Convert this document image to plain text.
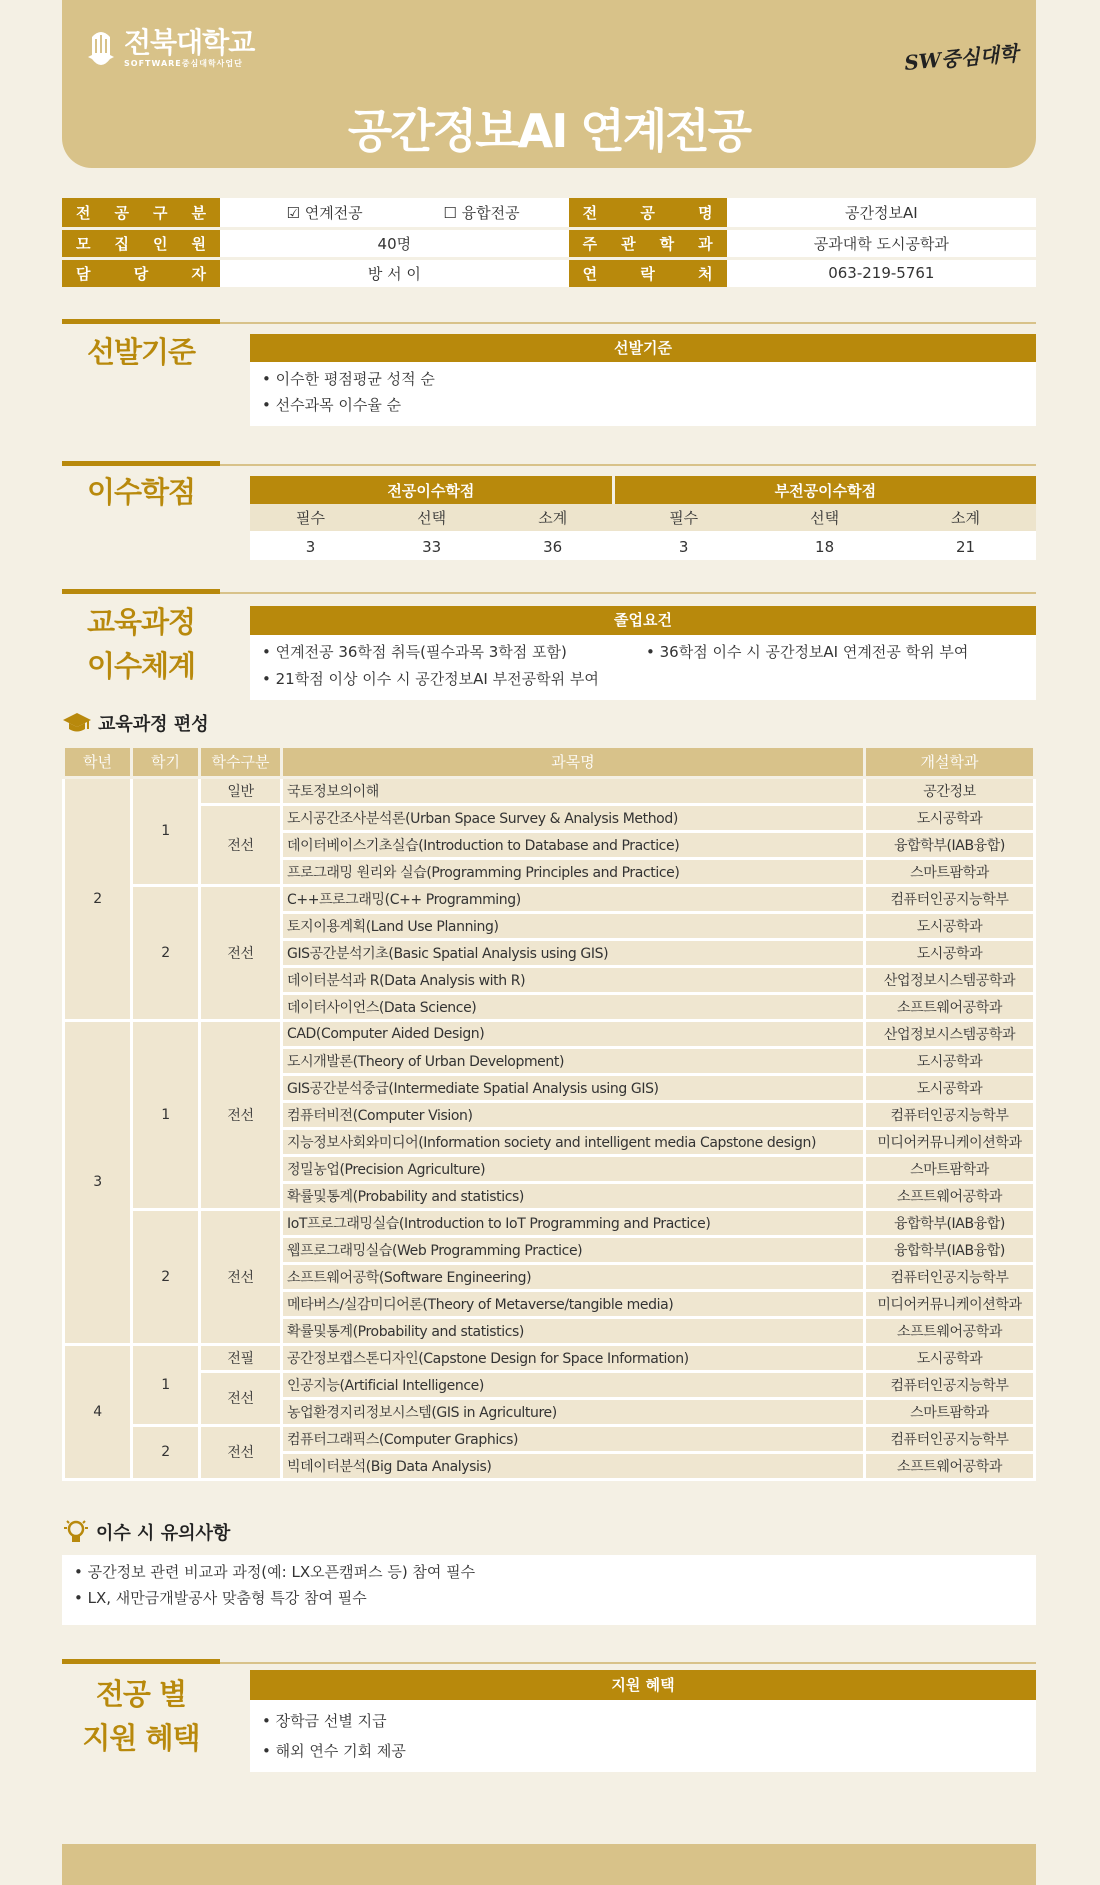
전북대학교
SOFTWARE중심대학사업단	SW중심대학
공간정보AI 연계전공
전 공 구 분	☑ 연계전공 ☐ 융합전공	전 공 명	공간정보AI
모 집 인 원	40명	주 관 학 과	공과대학 도시공학과
담 당 자	방 서 이	연 락 처	063-219-5761
선발기준	선발기준
• 이수한 평점평균 성적 순
• 선수과목 이수율 순
이수학점	전공이수학점			부전공이수학점		
필수	선택	소계	필수	선택	소계
3	33	36	3	18	21
교육과정
이수체계
졸업요건
• 연계전공 36학점 취득(필수과목 3학점 포함)	• 36학점 이수 시 공간정보AI 연계전공 학위 부여
• 21학점 이상 이수 시 공간정보AI 부전공학위 부여
교육과정 편성
학년	학기	학수구분	과목명	개설학과
2	1	일반	국토정보의이해	공간정보
		전선	도시공간조사분석론(Urban Space Survey & Analysis Method)	도시공학과
			데이터베이스기초실습(Introduction to Database and Practice)	융합학부(IAB융합)
			프로그래밍 원리와 실습(Programming Principles and Practice)	스마트팜학과
	2	전선	C++프로그래밍(C++ Programming)	컴퓨터인공지능학부
			토지이용계획(Land Use Planning)	도시공학과
			GIS공간분석기초(Basic Spatial Analysis using GIS)	도시공학과
			데이터분석과 R(Data Analysis with R)	산업정보시스템공학과
			데이터사이언스(Data Science)	소프트웨어공학과
3	1	전선	CAD(Computer Aided Design)	산업정보시스템공학과
			도시개발론(Theory of Urban Development)	도시공학과
			GIS공간분석중급(Intermediate Spatial Analysis using GIS)	도시공학과
			컴퓨터비전(Computer Vision)	컴퓨터인공지능학부
			지능정보사회와미디어(Information society and intelligent media Capstone design)	미디어커뮤니케이션학과
			정밀농업(Precision Agriculture)	스마트팜학과
			확률및통계(Probability and statistics)	소프트웨어공학과
	2	전선	IoT프로그래밍실습(Introduction to IoT Programming and Practice)	융합학부(IAB융합)
			웹프로그래밍실습(Web Programming Practice)	융합학부(IAB융합)
			소프트웨어공학(Software Engineering)	컴퓨터인공지능학부
			메타버스/실감미디어론(Theory of Metaverse/tangible media)	미디어커뮤니케이션학과
			확률및통계(Probability and statistics)	소프트웨어공학과
4	1	전필	공간정보캡스톤디자인(Capstone Design for Space Information)	도시공학과
		전선	인공지능(Artificial Intelligence)	컴퓨터인공지능학부
			농업환경지리정보시스템(GIS in Agriculture)	스마트팜학과
	2	전선	컴퓨터그래픽스(Computer Graphics)	컴퓨터인공지능학부
			빅데이터분석(Big Data Analysis)	소프트웨어공학과
이수 시 유의사항
• 공간정보 관련 비교과 과정(예: LX오픈캠퍼스 등) 참여 필수
• LX, 새만금개발공사 맞춤형 특강 참여 필수
전공 별
지원 혜택
지원 혜택
• 장학금 선별 지급
• 해외 연수 기회 제공
